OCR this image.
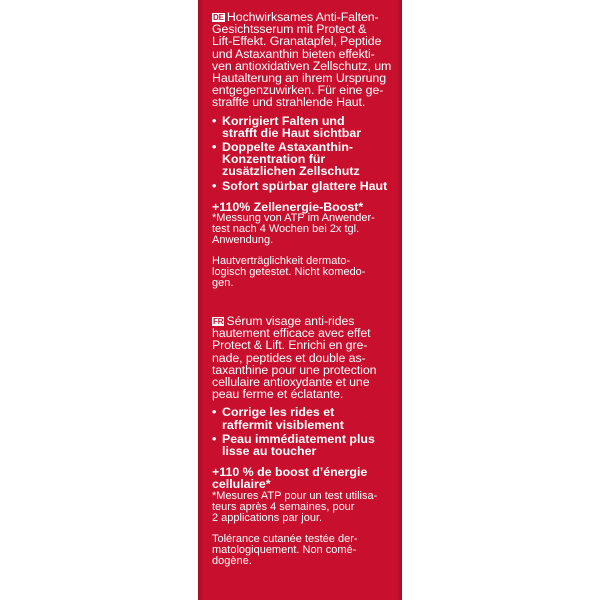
DE Hochwirksames Anti-Falten-
Gesichtsserum mit Protect &
Lift-Effekt. Granatapfel, Peptide
und Astaxanthin bieten effekti-
ven antioxidativen Zellschutz, um
Hautalterung an ihrem Ursprung
entgegenzuwirken. Für eine ge-
straffte und strahlende Haut.

• Korrigiert Falten und
strafft die Haut sichtbar
• Doppelte Astaxanthin-
Konzentration für
zusätzlichen Zellschutz
• Sofort spürbar glattere Haut
+110% Zellenergie-Boost*
*Messung von ATP im Anwender-
test nach 4 Wochen bei 2x tgl.
Anwendung.
Hautverträglichkeit dermato-
logisch getestet. Nicht komedo-
gen.

FR Sérum visage anti-rides
hautement efficace avec effet
Protect & Lift. Enrichi en gre-
nade, peptides et double as-
taxanthine pour une protection
cellulaire antioxydante et une
peau ferme et éclatante.

• Corrige les rides et
raffermit visiblement
• Peau immédiatement plus
lisse au toucher
+110 % de boost d’énergie
cellulaire*
*Mesures ATP pour un test utilisa-
teurs après 4 semaines, pour
2 applications par jour.
Tolérance cutanée testée der-
matologiquement. Non comé-
dogène.
